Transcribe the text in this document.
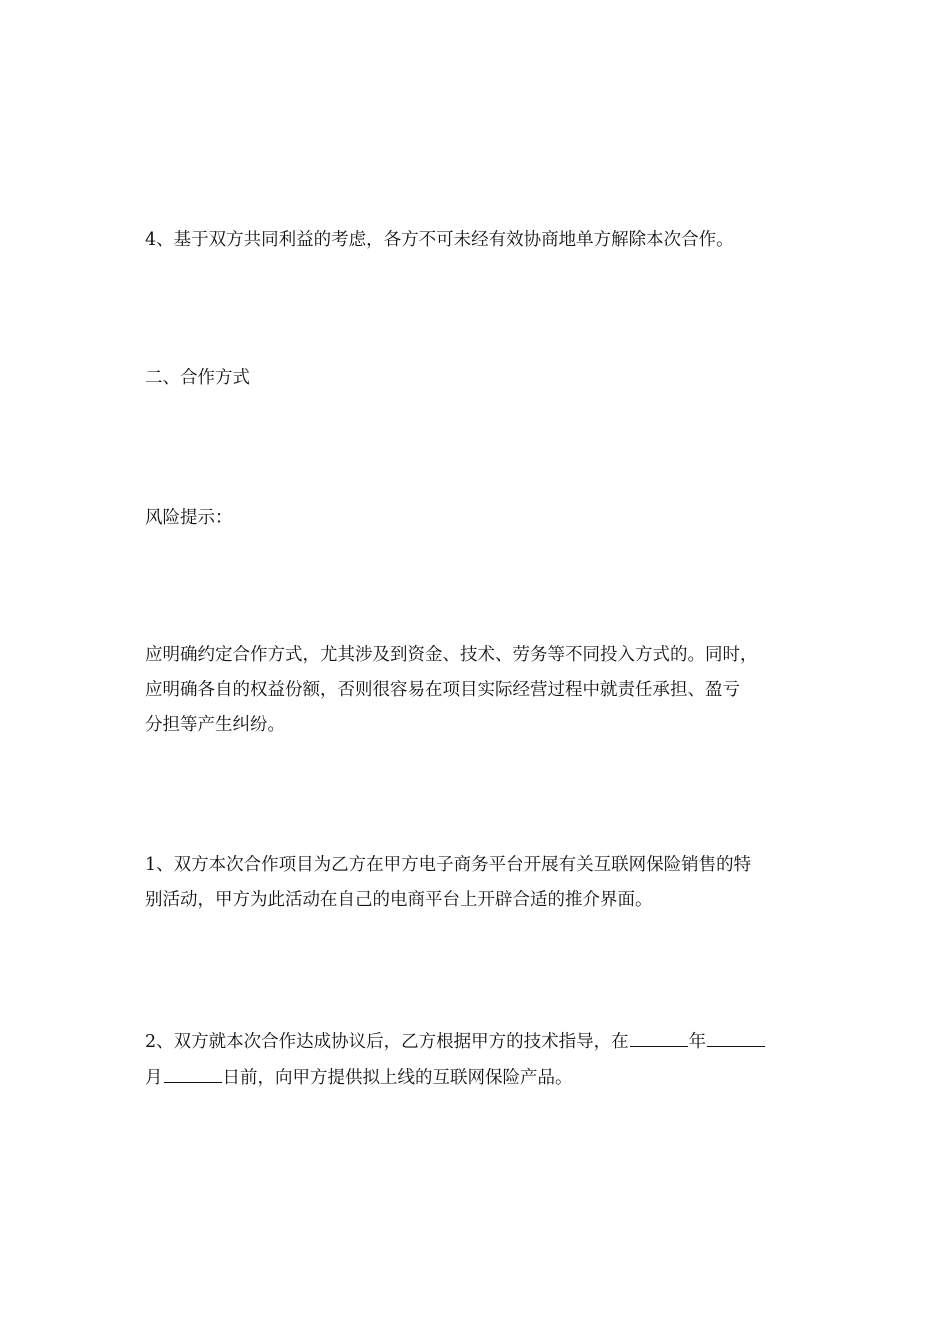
4、基于双方共同利益的考虑，各方不可未经有效协商地单方解除本次合作。

二、合作方式

风险提示：

应明确约定合作方式，尤其涉及到资金、技术、劳务等不同投入方式的。同时，
应明确各自的权益份额，否则很容易在项目实际经营过程中就责任承担、盈亏
分担等产生纠纷。

1、双方本次合作项目为乙方在甲方电子商务平台开展有关互联网保险销售的特
别活动，甲方为此活动在自己的电商平台上开辟合适的推介界面。

2、双方就本次合作达成协议后，乙方根据甲方的技术指导，在	年
月	日前，向甲方提供拟上线的互联网保险产品。
